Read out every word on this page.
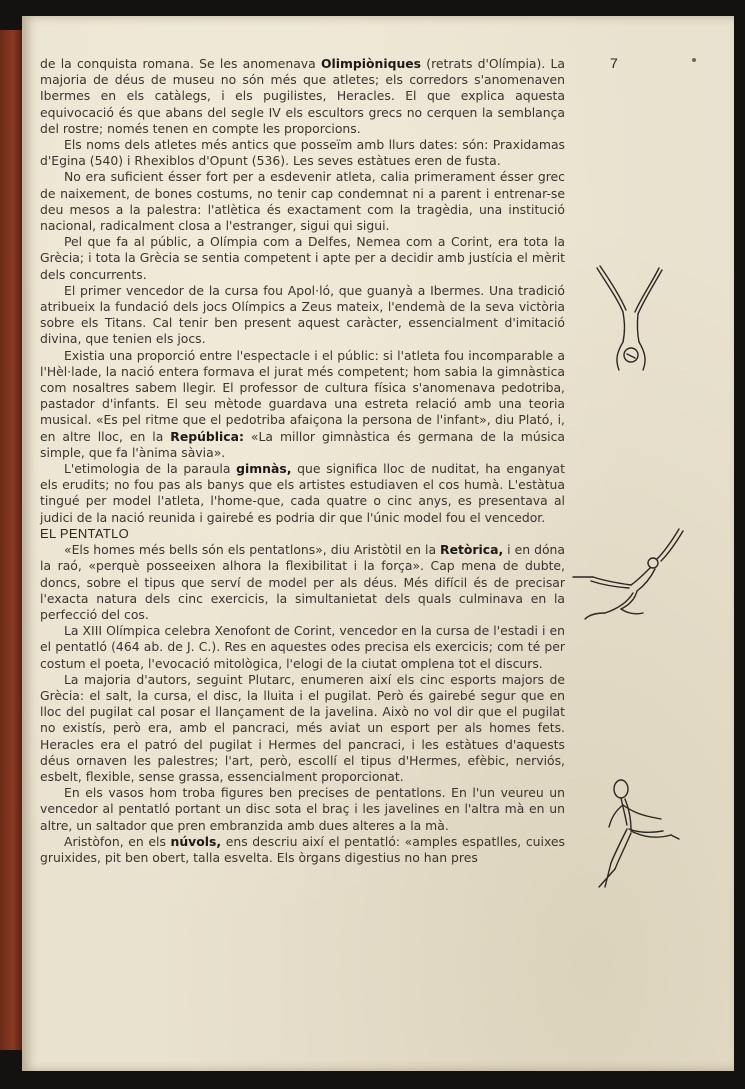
7

de la conquista romana. Se les anomenava Olimpiòniques (retrats d'Olímpia). La majoria de déus de museu no són més que atletes; els corredors s'anomenaven Ibermes en els catàlegs, i els pugilistes, Heracles. El que explica aquesta equivocació és que abans del segle IV els escultors grecs no cerquen la semblança del rostre; només tenen en compte les proporcions.

Els noms dels atletes més antics que posseïm amb llurs dates: són: Praxidamas d'Egina (540) i Rhexiblos d'Opunt (536). Les seves estàtues eren de fusta.

No era suficient ésser fort per a esdevenir atleta, calia primerament ésser grec de naixement, de bones costums, no tenir cap condemnat ni a parent i entrenar-se deu mesos a la palestra: l'atlètica és exactament com la tragèdia, una institució nacional, radicalment closa a l'estranger, sigui qui sigui.

Pel que fa al públic, a Olímpia com a Delfes, Nemea com a Corint, era tota la Grècia; i tota la Grècia se sentia competent i apte per a decidir amb justícia el mèrit dels concurrents.

El primer vencedor de la cursa fou Apol·ló, que guanyà a Ibermes. Una tradició atribueix la fundació dels jocs Olímpics a Zeus mateix, l'endemà de la seva victòria sobre els Titans. Cal tenir ben present aquest caràcter, essencialment d'imitació divina, que tenien els jocs.

Existia una proporció entre l'espectacle i el públic: si l'atleta fou incomparable a l'Hèl·lade, la nació entera formava el jurat més competent; hom sabia la gimnàstica com nosaltres sabem llegir. El professor de cultura física s'anomenava pedotriba, pastador d'infants. El seu mètode guardava una estreta relació amb una teoria musical. «Es pel ritme que el pedotriba afaiçona la persona de l'infant», diu Plató, i, en altre lloc, en la República: «La millor gimnàstica és germana de la música simple, que fa l'ànima sàvia».

L'etimologia de la paraula gimnàs, que significa lloc de nuditat, ha enganyat els erudits; no fou pas als banys que els artistes estudiaven el cos humà. L'estàtua tingué per model l'atleta, l'home-que, cada quatre o cinc anys, es presentava al judici de la nació reunida i gairebé es podria dir que l'únic model fou el vencedor.

EL PENTATLO

«Els homes més bells són els pentatlons», diu Aristòtil en la Retòrica, i en dóna la raó, «perquè posseeixen alhora la flexibilitat i la força». Cap mena de dubte, doncs, sobre el tipus que serví de model per als déus. Més difícil és de precisar l'exacta natura dels cinc exercicis, la simultanietat dels quals culminava en la perfecció del cos.

La XIII Olímpica celebra Xenofont de Corint, vencedor en la cursa de l'estadi i en el pentatló (464 ab. de J. C.). Res en aquestes odes precisa els exercicis; com té per costum el poeta, l'evocació mitològica, l'elogi de la ciutat omplena tot el discurs.

La majoria d'autors, seguint Plutarc, enumeren així els cinc esports majors de Grècia: el salt, la cursa, el disc, la lluita i el pugilat. Però és gairebé segur que en lloc del pugilat cal posar el llançament de la javelina. Això no vol dir que el pugilat no existís, però era, amb el pancraci, més aviat un esport per als homes fets. Heracles era el patró del pugilat i Hermes del pancraci, i les estàtues d'aquests déus ornaven les palestres; l'art, però, escollí el tipus d'Hermes, efèbic, nerviós, esbelt, flexible, sense grassa, essencialment proporcionat.

En els vasos hom troba figures ben precises de pentatlons. En l'un veureu un vencedor al pentatló portant un disc sota el braç i les javelines en l'altra mà en un altre, un saltador que pren embranzida amb dues alteres a la mà.

Aristòfon, en els núvols, ens descriu així el pentatló: «amples espatlles, cuixes gruixides, pit ben obert, talla esvelta. Els òrgans digestius no han pres
